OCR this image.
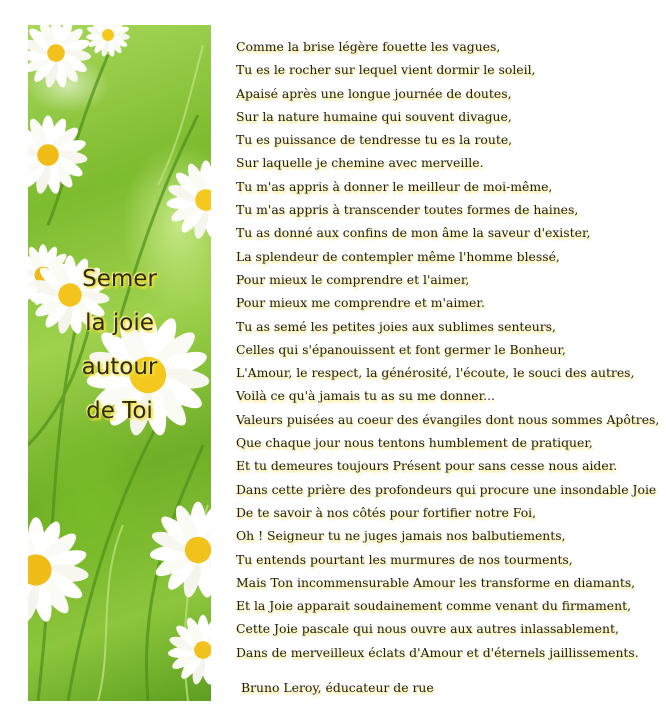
Semer
la joie
autour
de Toi
Comme la brise légère fouette les vagues,
Tu es le rocher sur lequel vient dormir le soleil,
Apaisé après une longue journée de doutes,
Sur la nature humaine qui souvent divague,
Tu es puissance de tendresse tu es la route,
Sur laquelle je chemine avec merveille.
Tu m'as appris à donner le meilleur de moi-même,
Tu m'as appris à transcender toutes formes de haines,
Tu as donné aux confins de mon âme la saveur d'exister,
La splendeur de contempler même l'homme blessé,
Pour mieux le comprendre et l'aimer,
Pour mieux me comprendre et m'aimer.
Tu as semé les petites joies aux sublimes senteurs,
Celles qui s'épanouissent et font germer le Bonheur,
L'Amour, le respect, la générosité, l'écoute, le souci des autres,
Voilà ce qu'à jamais tu as su me donner...
Valeurs puisées au coeur des évangiles dont nous sommes Apôtres,
Que chaque jour nous tentons humblement de pratiquer,
Et tu demeures toujours Présent pour sans cesse nous aider.
Dans cette prière des profondeurs qui procure une insondable Joie
De te savoir à nos côtés pour fortifier notre Foi,
Oh ! Seigneur tu ne juges jamais nos balbutiements,
Tu entends pourtant les murmures de nos tourments,
Mais Ton incommensurable Amour les transforme en diamants,
Et la Joie apparait soudainement comme venant du firmament,
Cette Joie pascale qui nous ouvre aux autres inlassablement,
Dans de merveilleux éclats d'Amour et d'éternels jaillissements.
Bruno Leroy, éducateur de rue
